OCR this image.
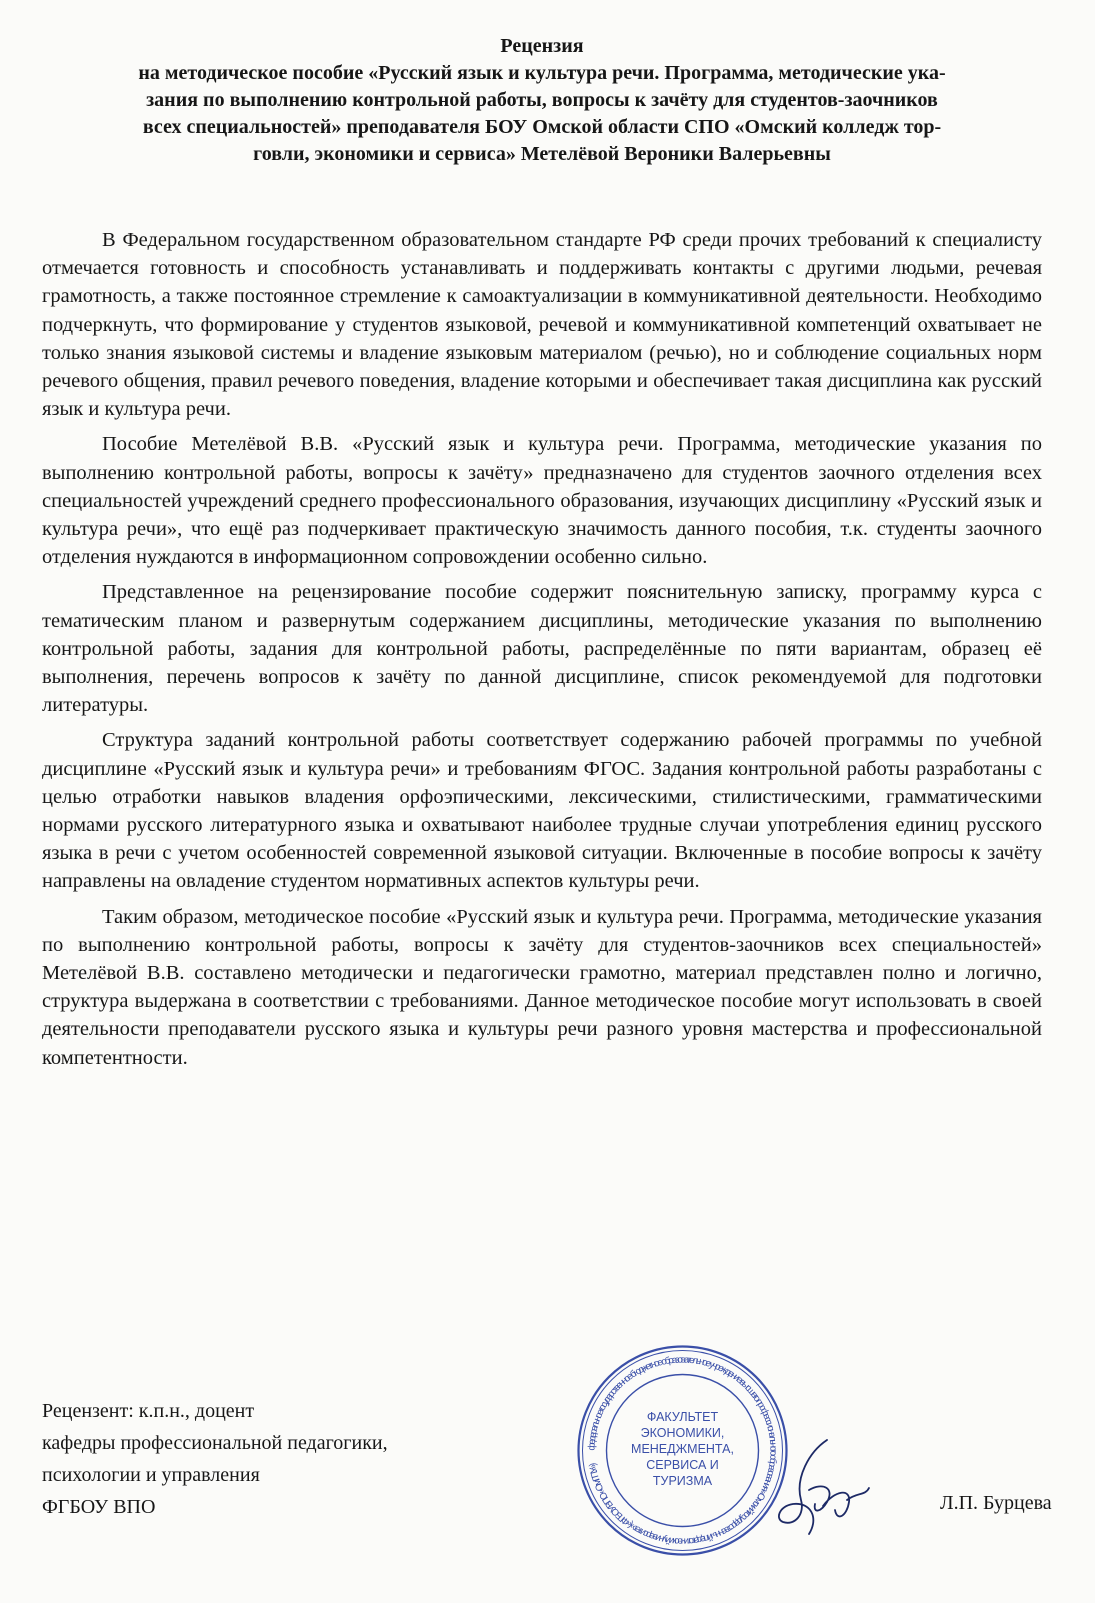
Рецензия
на методическое пособие «Русский язык и культура речи. Программа, методические ука-
зания по выполнению контрольной работы, вопросы к зачёту для студентов-заочников
всех специальностей» преподавателя БОУ Омской области СПО «Омский колледж тор-
говли, экономики и сервиса» Метелёвой Вероники Валерьевны

В Федеральном государственном образовательном стандарте РФ среди прочих требований к специалисту отмечается готовность и способность устанавливать и поддерживать контакты с другими людьми, речевая грамотность, а также постоянное стремление к самоактуализации в коммуникативной деятельности. Необходимо подчеркнуть, что формирование у студентов языковой, речевой и коммуникативной компетенций охватывает не только знания языковой системы и владение языковым материалом (речью), но и соблюдение социальных норм речевого общения, правил речевого поведения, владение которыми и обеспечивает такая дисциплина как русский язык и культура речи.

Пособие Метелёвой В.В. «Русский язык и культура речи. Программа, методические указания по выполнению контрольной работы, вопросы к зачёту» предназначено для студентов заочного отделения всех специальностей учреждений среднего профессионального образования, изучающих дисциплину «Русский язык и культура речи», что ещё раз подчеркивает практическую значимость данного пособия, т.к. студенты заочного отделения нуждаются в информационном сопровождении особенно сильно.

Представленное на рецензирование пособие содержит пояснительную записку, программу курса с тематическим планом и развернутым содержанием дисциплины, методические указания по выполнению контрольной работы, задания для контрольной работы, распределённые по пяти вариантам, образец её выполнения, перечень вопросов к зачёту по данной дисциплине, список рекомендуемой для подготовки литературы.

Структура заданий контрольной работы соответствует содержанию рабочей программы по учебной дисциплине «Русский язык и культура речи» и требованиям ФГОС. Задания контрольной работы разработаны с целью отработки навыков владения орфоэпическими, лексическими, стилистическими, грамматическими нормами русского литературного языка и охватывают наиболее трудные случаи употребления единиц русского языка в речи с учетом особенностей современной языковой ситуации. Включенные в пособие вопросы к зачёту направлены на овладение студентом нормативных аспектов культуры речи.

Таким образом, методическое пособие «Русский язык и культура речи. Программа, методические указания по выполнению контрольной работы, вопросы к зачёту для студентов-заочников всех специальностей» Метелёвой В.В. составлено методически и педагогически грамотно, материал представлен полно и логично, структура выдержана в соответствии с требованиями. Данное методическое пособие могут использовать в своей деятельности преподаватели русского языка и культуры речи разного уровня мастерства и профессиональной компетентности.

Рецензент: к.п.н., доцент
кафедры профессиональной педагогики,
психологии и управления
ФГБОУ ВПО
федеральное государственное бюджетное образовательное учреждение высшего профессионального образования «Омский государственный педагогический университет» («ФГБОУ ВПО «ОмГПУ»)
ФАКУЛЬТЕТ
ЭКОНОМИКИ,
МЕНЕДЖМЕНТА,
СЕРВИСА И
ТУРИЗМА
Л.П. Бурцева
